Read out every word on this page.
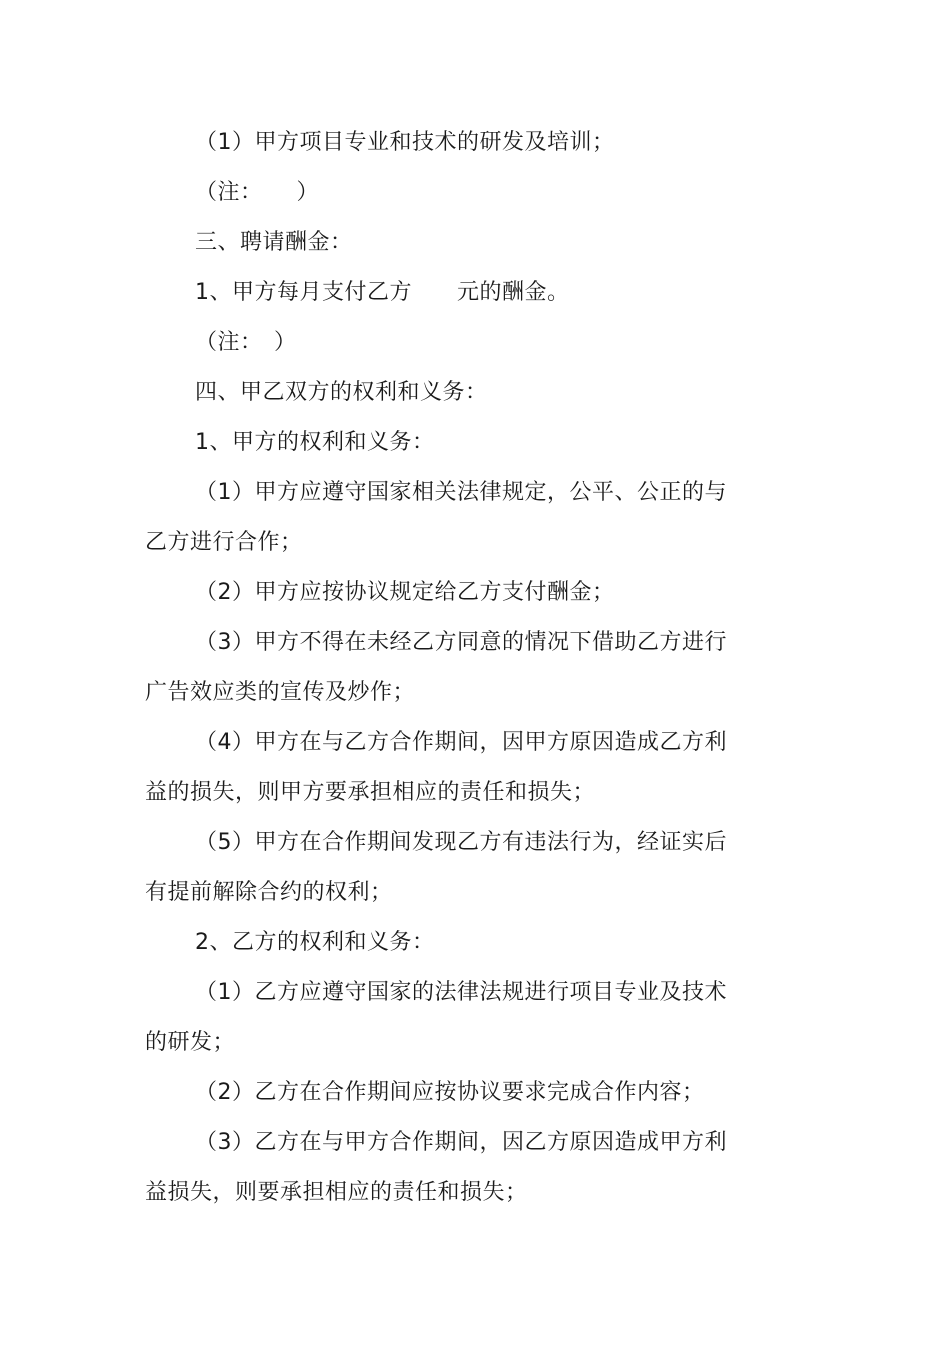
（1）甲方项目专业和技术的研发及培训；
（注：　　）
三、聘请酬金：
1、甲方每月支付乙方　　元的酬金。
（注：　）
四、甲乙双方的权利和义务：
1、甲方的权利和义务：
（1）甲方应遵守国家相关法律规定，公平、公正的与
乙方进行合作；
（2）甲方应按协议规定给乙方支付酬金；
（3）甲方不得在未经乙方同意的情况下借助乙方进行
广告效应类的宣传及炒作；
（4）甲方在与乙方合作期间，因甲方原因造成乙方利
益的损失，则甲方要承担相应的责任和损失；
（5）甲方在合作期间发现乙方有违法行为，经证实后
有提前解除合约的权利；
2、乙方的权利和义务：
（1）乙方应遵守国家的法律法规进行项目专业及技术
的研发；
（2）乙方在合作期间应按协议要求完成合作内容；
（3）乙方在与甲方合作期间，因乙方原因造成甲方利
益损失，则要承担相应的责任和损失；
